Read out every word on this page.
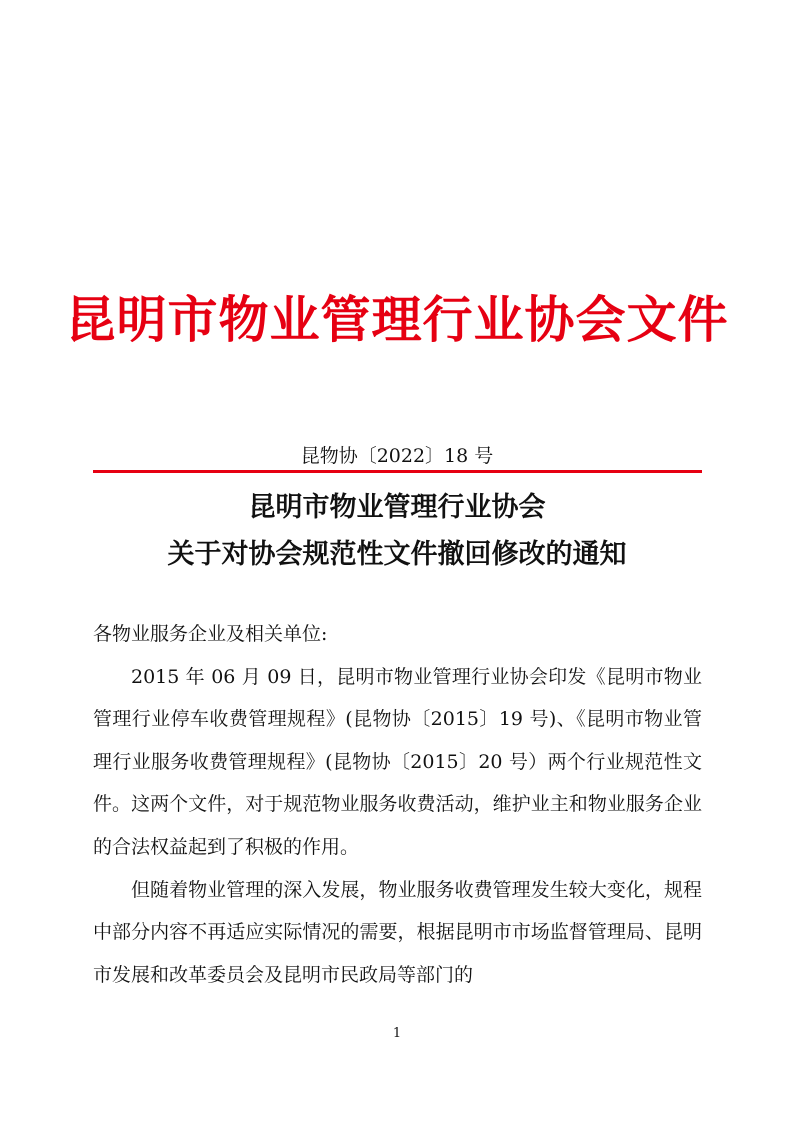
昆明市物业管理行业协会文件
昆物协〔2022〕18 号
昆明市物业管理行业协会
关于对协会规范性文件撤回修改的通知

各物业服务企业及相关单位:

2015 年 06 月 09 日，昆明市物业管理行业协会印发《昆明市物业管理行业停车收费管理规程》(昆物协〔2015〕19 号)、《昆明市物业管理行业服务收费管理规程》(昆物协〔2015〕20 号）两个行业规范性文件。这两个文件，对于规范物业服务收费活动，维护业主和物业服务企业的合法权益起到了积极的作用。

但随着物业管理的深入发展，物业服务收费管理发生较大变化，规程中部分内容不再适应实际情况的需要，根据昆明市市场监督管理局、昆明市发展和改革委员会及昆明市民政局等部门的

1
